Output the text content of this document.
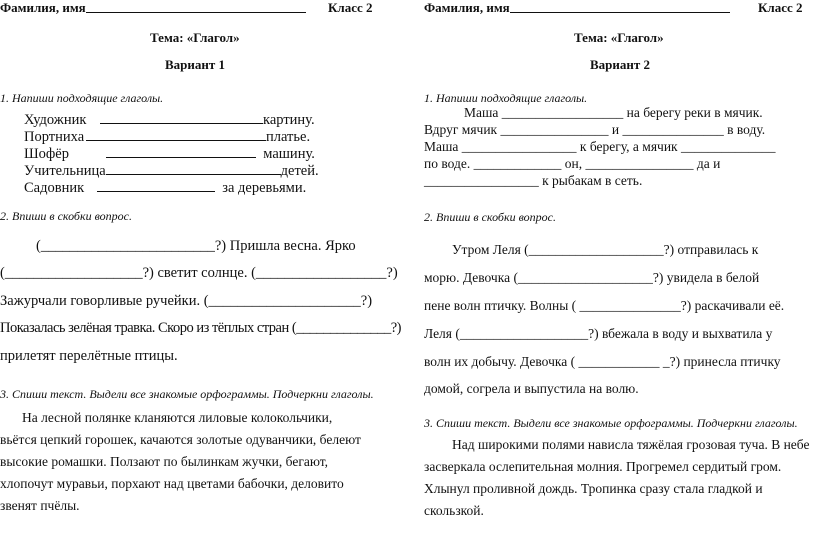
Фамилия, имя	Класс 2
Тема: «Глагол»
Вариант 1
1. Напиши подходящие глаголы.
Художник	картину.
Портниха	платье.
Шофёр	машину.
Учительница	детей.
Садовник	за деревьями.
2. Впиши в скобки вопрос.
(________________________?) Пришла весна. Ярко
(___________________?) светит солнце. (__________________?)
Зажурчали говорливые ручейки. (_____________________?)
Показалась зелёная травка. Скоро из тёплых стран (______________?)
прилетят перелётные птицы.
3. Спиши текст. Выдели все знакомые орфограммы. Подчеркни глаголы.
На лесной полянке кланяются лиловые колокольчики,
вьётся цепкий горошек, качаются золотые одуванчики, белеют
высокие ромашки. Ползают по былинкам жучки, бегают,
хлопочут муравьи, порхают над цветами бабочки, деловито
звенят пчёлы.
Фамилия, имя	Класс 2
Тема: «Глагол»
Вариант 2
1. Напиши подходящие глаголы.
Маша __________________ на берегу реки в мячик.
Вдруг мячик ________________ и _______________ в воду.
Маша _________________ к берегу, а мячик ______________
по воде. _____________ он, ________________ да и
_________________ к рыбакам в сеть.
2. Впиши в скобки вопрос.
Утром Леля (____________________?) отправилась к
морю. Девочка (____________________?) увидела в белой
пене волн птичку. Волны ( _______________?) раскачивали её.
Леля (___________________?) вбежала в воду и выхватила у
волн их добычу. Девочка ( ____________ _?) принесла птичку
домой, согрела и выпустила на волю.
3. Спиши текст. Выдели все знакомые орфограммы. Подчеркни глаголы.
Над широкими полями нависла тяжёлая грозовая туча. В небе
засверкала ослепительная молния. Прогремел сердитый гром.
Хлынул проливной дождь. Тропинка сразу стала гладкой и
скользкой.
